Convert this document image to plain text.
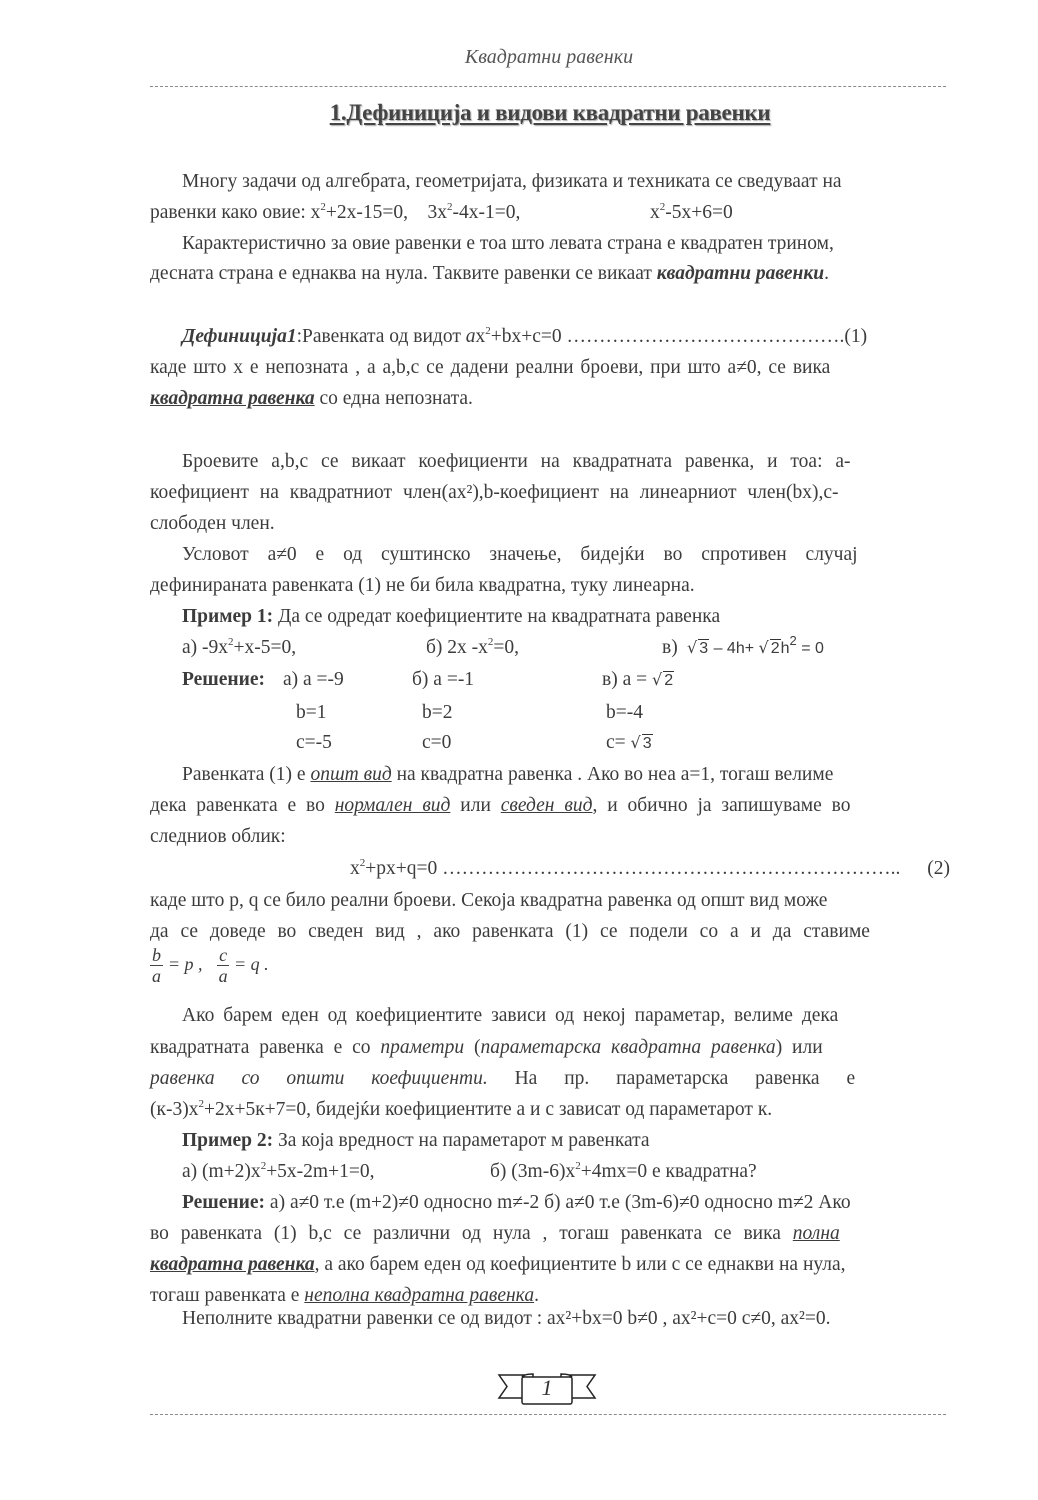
Квадратни равенки
1.Дефиниција и видови квадратни равенки
Многу задачи од алгебрата, геометријата, физиката и техниката се сведуваат на
равенки како овие: $x^2+2x-15=0$, $3x^2-4x-1=0$,	$x^2-5x+6=0$
Карактеристично за овие равенки е тоа што левата страна е квадратен трином,
десната страна е еднаква на нула. Таквите равенки се викаат квадратни равенки.
Дефиниција1:Равенката од видот $ax^2+bx+c=0$ …………………………………….(1)
каде што x е непозната , а a,b,c се дадени реални броеви, при што a≠0, се вика
квадратна равенка со една непозната.
Броевите a,b,c се викаат коефициенти на квадратната равенка, и тоа: a-
коефициент на квадратниот член(ax²),b-коефициент на линеарниот член(bx),c-
слободен член.
Условот a≠0 е од суштинско значење, бидејќи во спротивен случај
дефинираната равенката (1) не би била квадратна, туку линеарна.
Пример 1: Да се одредат коефициентите на квадратната равенка
а) $-9x^2+x-5=0$,	б) 2x $-x^2=0$,	в) √ 3 – 4h+ √ $2h^2 = 0$
Решение: а) a =-9	б) a =-1	в) a = √ 2
b=1	b=2	b=-4
c=-5	c=0	c= √ 3
Равенката (1) е општ вид на квадратна равенка . Ако во неа a=1, тогаш велиме
дека равенката е во нормален вид или сведен вид, и обично ја запишуваме во
следниов облик:
$x^2+px+q=0$ …………………………………………………………….. (2)
каде што p, q се било реални броеви. Секоја квадратна равенка од општ вид може
да се доведе во сведен вид , ако равенката (1) се подели со a и да ставиме
$\frac{b}{a} = p$ , $\frac{c}{a} = q$ .
Ако барем еден од коефициентите зависи од некој параметар, велиме дека
квадратната равенка е со праметри (параметарска квадратна равенка) или
равенка со општи коефициенти. На пр. параметарска равенка е
$(к-3)x^2+2x+5к+7=0$, бидејќи коефициентите a и c зависат од параметарот к.
Пример 2: За која вредност на параметарот м равенката
а) $(m+2)x^2+5x-2m+1=0$,	б) $(3m-6)x^2+4mx=0$ е квадратна?
Решение: а) a≠0 т.е (m+2)≠0 односно m≠-2 б) a≠0 т.е (3m-6)≠0 односно m≠2 Ако
во равенката (1) b,c се различни од нула , тогаш равенката се вика полна
квадратна равенка, а ако барем еден од коефициентите b или c се еднакви на нула,
тогаш равенката е неполна квадратна равенка.
Неполните квадратни равенки се од видот : ax²+bx=0 b≠0 , ax²+c=0 c≠0, ax²=0.
1
